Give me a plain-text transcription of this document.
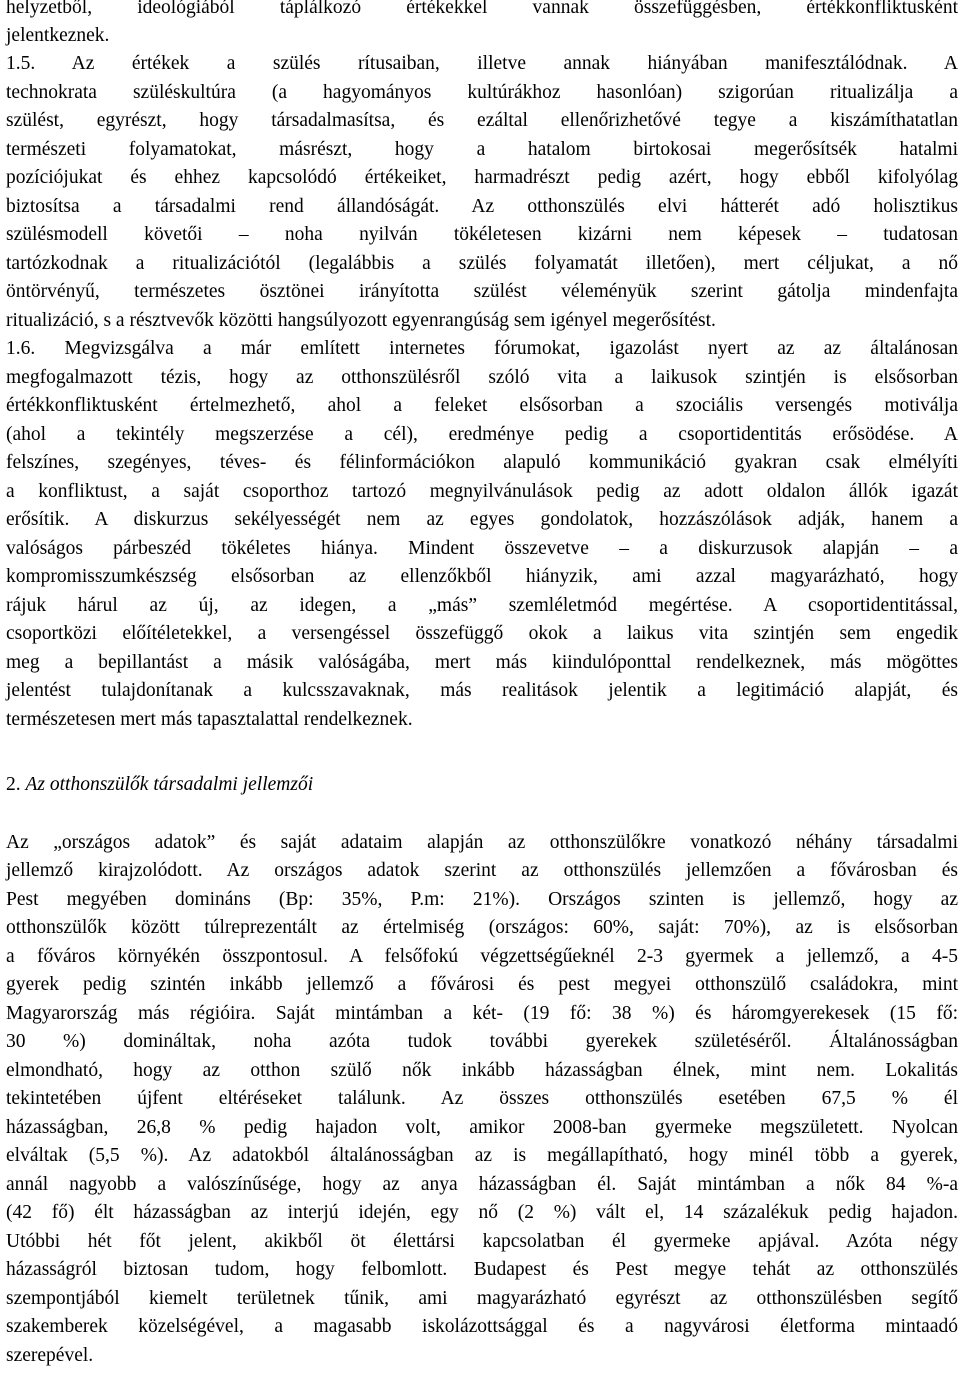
helyzetből, ideológiából táplálkozó értékekkel vannak összefüggésben, értékkonfliktusként
jelentkeznek.
1.5. Az értékek a szülés rítusaiban, illetve annak hiányában manifesztálódnak. A
technokrata szüléskultúra (a hagyományos kultúrákhoz hasonlóan) szigorúan ritualizálja a
szülést, egyrészt, hogy társadalmasítsa, és ezáltal ellenőrizhetővé tegye a kiszámíthatatlan
természeti folyamatokat, másrészt, hogy a hatalom birtokosai megerősítsék hatalmi
pozíciójukat és ehhez kapcsolódó értékeiket, harmadrészt pedig azért, hogy ebből kifolyólag
biztosítsa a társadalmi rend állandóságát. Az otthonszülés elvi hátterét adó holisztikus
szülésmodell követői – noha nyilván tökéletesen kizárni nem képesek – tudatosan
tartózkodnak a ritualizációtól (legalábbis a szülés folyamatát illetően), mert céljukat, a nő
öntörvényű, természetes ösztönei irányította szülést véleményük szerint gátolja mindenfajta
ritualizáció, s a résztvevők közötti hangsúlyozott egyenrangúság sem igényel megerősítést.
1.6. Megvizsgálva a már említett internetes fórumokat, igazolást nyert az az általánosan
megfogalmazott tézis, hogy az otthonszülésről szóló vita a laikusok szintjén is elsősorban
értékkonfliktusként értelmezhető, ahol a feleket elsősorban a szociális versengés motiválja
(ahol a tekintély megszerzése a cél), eredménye pedig a csoportidentitás erősödése. A
felszínes, szegényes, téves- és félinformációkon alapuló kommunikáció gyakran csak elmélyíti
a konfliktust, a saját csoporthoz tartozó megnyilvánulások pedig az adott oldalon állók igazát
erősítik. A diskurzus sekélyességét nem az egyes gondolatok, hozzászólások adják, hanem a
valóságos párbeszéd tökéletes hiánya. Mindent összevetve – a diskurzusok alapján – a
kompromisszumkészség elsősorban az ellenzőkből hiányzik, ami azzal magyarázható, hogy
rájuk hárul az új, az idegen, a „más” szemléletmód megértése. A csoportidentitással,
csoportközi előítéletekkel, a versengéssel összefüggő okok a laikus vita szintjén sem engedik
meg a bepillantást a másik valóságába, mert más kiindulóponttal rendelkeznek, más mögöttes
jelentést tulajdonítanak a kulcsszavaknak, más realitások jelentik a legitimáció alapját, és
természetesen mert más tapasztalattal rendelkeznek.
2. Az otthonszülők társadalmi jellemzői
Az „országos adatok” és saját adataim alapján az otthonszülőkre vonatkozó néhány társadalmi
jellemző kirajzolódott. Az országos adatok szerint az otthonszülés jellemzően a fővárosban és
Pest megyében domináns (Bp: 35%, P.m: 21%). Országos szinten is jellemző, hogy az
otthonszülők között túlreprezentált az értelmiség (országos: 60%, saját: 70%), az is elsősorban
a főváros környékén összpontosul. A felsőfokú végzettségűeknél 2-3 gyermek a jellemző, a 4-5
gyerek pedig szintén inkább jellemző a fővárosi és pest megyei otthonszülő családokra, mint
Magyarország más régióira. Saját mintámban a két- (19 fő: 38 %) és háromgyerekesek (15 fő:
30 %) domináltak, noha azóta tudok további gyerekek születéséről. Általánosságban
elmondható, hogy az otthon szülő nők inkább házasságban élnek, mint nem. Lokalitás
tekintetében újfent eltéréseket találunk. Az összes otthonszülés esetében 67,5 % él
házasságban, 26,8 % pedig hajadon volt, amikor 2008-ban gyermeke megszületett. Nyolcan
elváltak (5,5 %). Az adatokból általánosságban az is megállapítható, hogy minél több a gyerek,
annál nagyobb a valószínűsége, hogy az anya házasságban él. Saját mintámban a nők 84 %-a
(42 fő) élt házasságban az interjú idején, egy nő (2 %) vált el, 14 százalékuk pedig hajadon.
Utóbbi hét főt jelent, akikből öt élettársi kapcsolatban él gyermeke apjával. Azóta négy
házasságról biztosan tudom, hogy felbomlott. Budapest és Pest megye tehát az otthonszülés
szempontjából kiemelt területnek tűnik, ami magyarázható egyrészt az otthonszülésben segítő
szakemberek közelségével, a magasabb iskolázottsággal és a nagyvárosi életforma mintaadó
szerepével.
